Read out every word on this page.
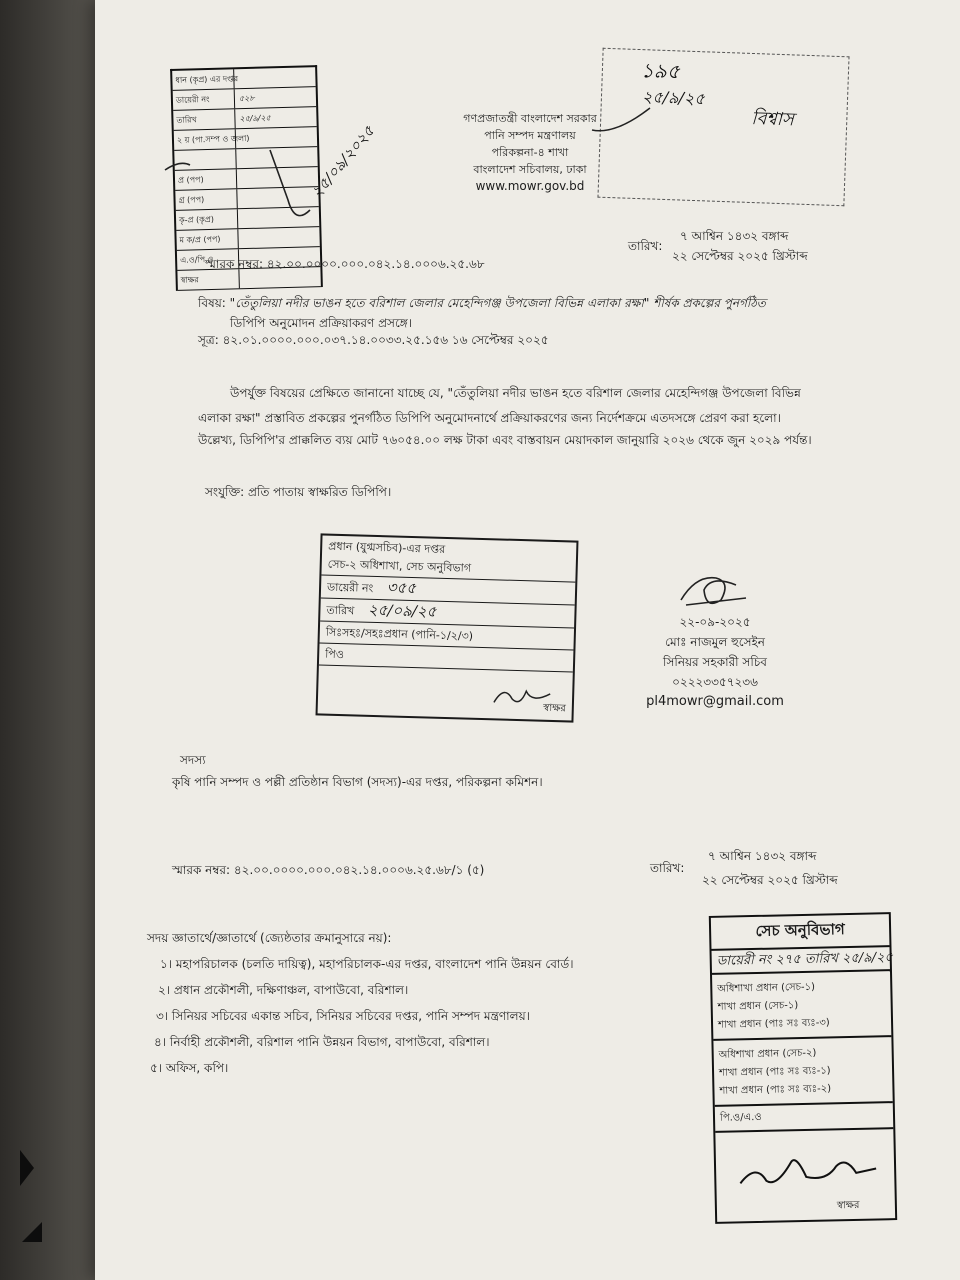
ধান (কৃপ্র) এর দপ্তর
ডায়েরী নং	৫২৮
তারিখ	২৫/৯/২৫
২ য় (পা.সম্প ও জলা)
প্র (পপ)
গ্র (পপ)
কৃ-প্র (কৃপ্র)
ম ক/প্র (পপ)
এ.ও/পি.ও
স্বাক্ষর
২৫/০৯/২০২৫
গণপ্রজাতন্ত্রী বাংলাদেশ সরকার
পানি সম্পদ মন্ত্রণালয়
পরিকল্পনা-৪ শাখা
বাংলাদেশ সচিবালয়, ঢাকা
www.mowr.gov.bd
১৯৫
২৫/৯/২৫
বিশ্বাস
তারিখ:
৭ আশ্বিন ১৪৩২ বঙ্গাব্দ
২২ সেপ্টেম্বর ২০২৫ খ্রিস্টাব্দ
স্মারক নম্বর: ৪২.০০.০০০০.০০০.০৪২.১৪.০০০৬.২৫.৬৮
বিষয়: "তেঁতুলিয়া নদীর ভাঙন হতে বরিশাল জেলার মেহেন্দিগঞ্জ উপজেলা বিভিন্ন এলাকা রক্ষা" শীর্ষক প্রকল্পের পুনর্গঠিত
ডিপিপি অনুমোদন প্রক্রিয়াকরণ প্রসঙ্গে।
সূত্র: ৪২.০১.০০০০.০০০.০৩৭.১৪.০০৩৩.২৫.১৫৬ ১৬ সেপ্টেম্বর ২০২৫
উপর্যুক্ত বিষয়ের প্রেক্ষিতে জানানো যাচ্ছে যে, "তেঁতুলিয়া নদীর ভাঙন হতে বরিশাল জেলার মেহেন্দিগঞ্জ উপজেলা বিভিন্ন
এলাকা রক্ষা" প্রস্তাবিত প্রকল্পের পুনর্গঠিত ডিপিপি অনুমোদনার্থে প্রক্রিয়াকরণের জন্য নির্দেশক্রমে এতদসঙ্গে প্রেরণ করা হলো।
উল্লেখ্য, ডিপিপি'র প্রাক্কলিত ব্যয় মোট ৭৬০৫৪.০০ লক্ষ টাকা এবং বাস্তবায়ন মেয়াদকাল জানুয়ারি ২০২৬ থেকে জুন ২০২৯ পর্যন্ত।
সংযুক্তি: প্রতি পাতায় স্বাক্ষরিত ডিপিপি।
প্রধান (যুগ্মসচিব)-এর দপ্তর
সেচ-২ অধিশাখা, সেচ অনুবিভাগ
ডায়েরী নং ৩৫৫
তারিখ ২৫/০৯/২৫
সিঃসহঃ/সহঃপ্রধান (পানি-১/২/৩)
পিও
স্বাক্ষর
২২-০৯-২০২৫
মোঃ নাজমুল হুসেইন
সিনিয়র সহকারী সচিব
০২২২৩৩৫৭২৩৬
pl4mowr@gmail.com
সদস্য
কৃষি পানি সম্পদ ও পল্লী প্রতিষ্ঠান বিভাগ (সদস্য)-এর দপ্তর, পরিকল্পনা কমিশন।
স্মারক নম্বর: ৪২.০০.০০০০.০০০.০৪২.১৪.০০০৬.২৫.৬৮/১ (৫)	তারিখ:
৭ আশ্বিন ১৪৩২ বঙ্গাব্দ
২২ সেপ্টেম্বর ২০২৫ খ্রিস্টাব্দ
সদয় জ্ঞাতার্থে/জ্ঞাতার্থে (জ্যেষ্ঠতার ক্রমানুসারে নয়):
১। মহাপরিচালক (চলতি দায়িত্ব), মহাপরিচালক-এর দপ্তর, বাংলাদেশ পানি উন্নয়ন বোর্ড।
২। প্রধান প্রকৌশলী, দক্ষিণাঞ্চল, বাপাউবো, বরিশাল।
৩। সিনিয়র সচিবের একান্ত সচিব, সিনিয়র সচিবের দপ্তর, পানি সম্পদ মন্ত্রণালয়।
৪। নির্বাহী প্রকৌশলী, বরিশাল পানি উন্নয়ন বিভাগ, বাপাউবো, বরিশাল।
৫। অফিস, কপি।
সেচ অনুবিভাগ
ডায়েরী নং ২৭৫ তারিখ ২৫/৯/২৫
অধিশাখা প্রধান (সেচ-১)
শাখা প্রধান (সেচ-১)
শাখা প্রধান (পাঃ সঃ ব্যঃ-৩)
অধিশাখা প্রধান (সেচ-২)
শাখা প্রধান (পাঃ সঃ ব্যঃ-১)
শাখা প্রধান (পাঃ সঃ ব্যঃ-২)
পি.ও/এ.ও
স্বাক্ষর
